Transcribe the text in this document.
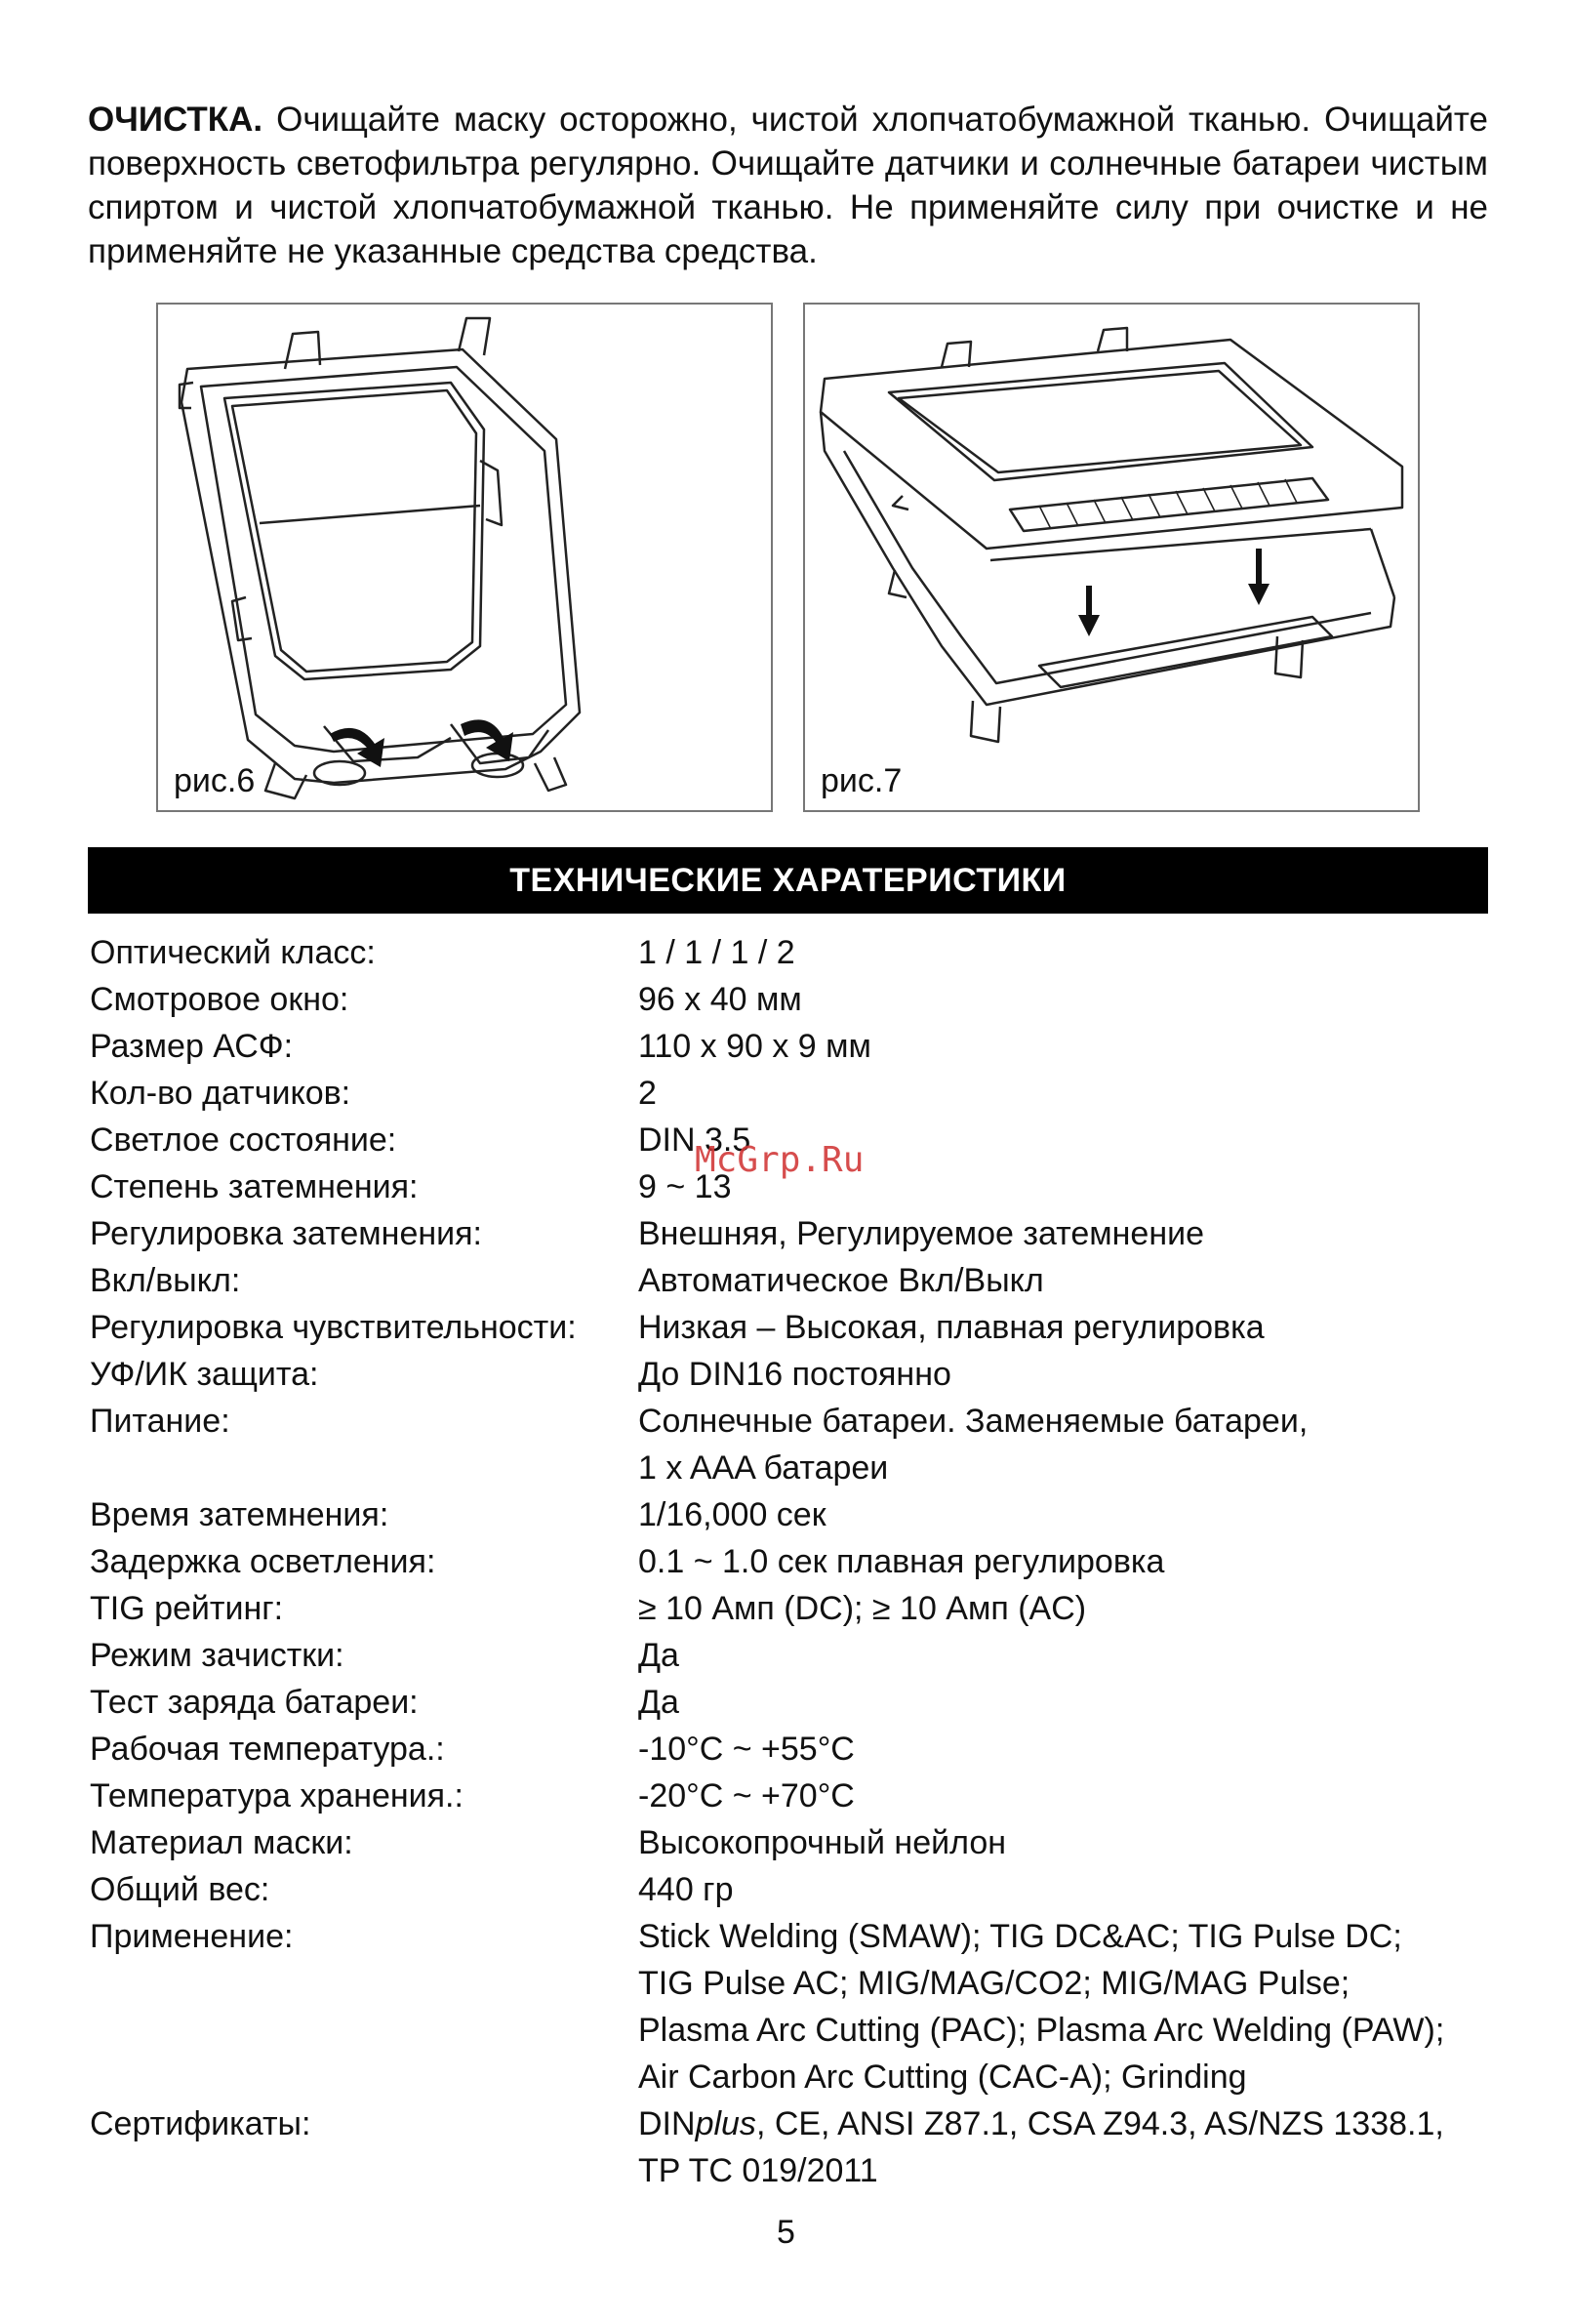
ОЧИСТКА. Очищайте маску осторожно, чистой хлопчатобумажной тканью. Очищайте поверхность светофильтра регулярно. Очищайте датчики и солнечные батареи чистым спиртом и чистой хлопчатобумажной тканью. Не применяйте силу при очистке и не применяйте не указанные средства средства.
рис.6	рис.7
ТЕХНИЧЕСКИЕ ХАРАТЕРИСТИКИ
Оптический класс:	1 / 1 / 1 / 2
Смотровое окно:	96 x 40 мм
Размер АСФ:	110 x 90 x 9 мм
Кол-во датчиков:	2
Светлое состояние:	DIN 3.5
Степень затемнения:	9 ~ 13
Регулировка затемнения:	Внешняя, Регулируемое затемнение
Вкл/выкл:	Автоматическое Вкл/Выкл
Регулировка чувствительности:	Низкая – Высокая, плавная регулировка
УФ/ИК защита:	До DIN16 постоянно
Питание:	Солнечные батареи. Заменяемые батареи,
1 x AAA батареи
Время затемнения:	1/16,000 сек
Задержка осветления:	0.1 ~ 1.0 сек плавная регулировка
TIG рейтинг:	≥ 10 Амп (DC); ≥ 10 Амп (AC)
Режим зачистки:	Да
Тест заряда батареи:	Да
Рабочая температура.:	-10°C ~ +55°C
Температура хранения.:	-20°C ~ +70°C
Материал маски:	Высокопрочный нейлон
Общий вес:	440 гр
Применение:	Stick Welding (SMAW); TIG DC&AC; TIG Pulse DC;
TIG Pulse AC; MIG/MAG/CO2; MIG/MAG Pulse;
Plasma Arc Cutting (PAC); Plasma Arc Welding (PAW);
Air Carbon Arc Cutting (CAC-A); Grinding
Сертификаты:	DINplus, CE, ANSI Z87.1, CSA Z94.3, AS/NZS 1338.1,
TP TC 019/2011
McGrp.Ru
5
